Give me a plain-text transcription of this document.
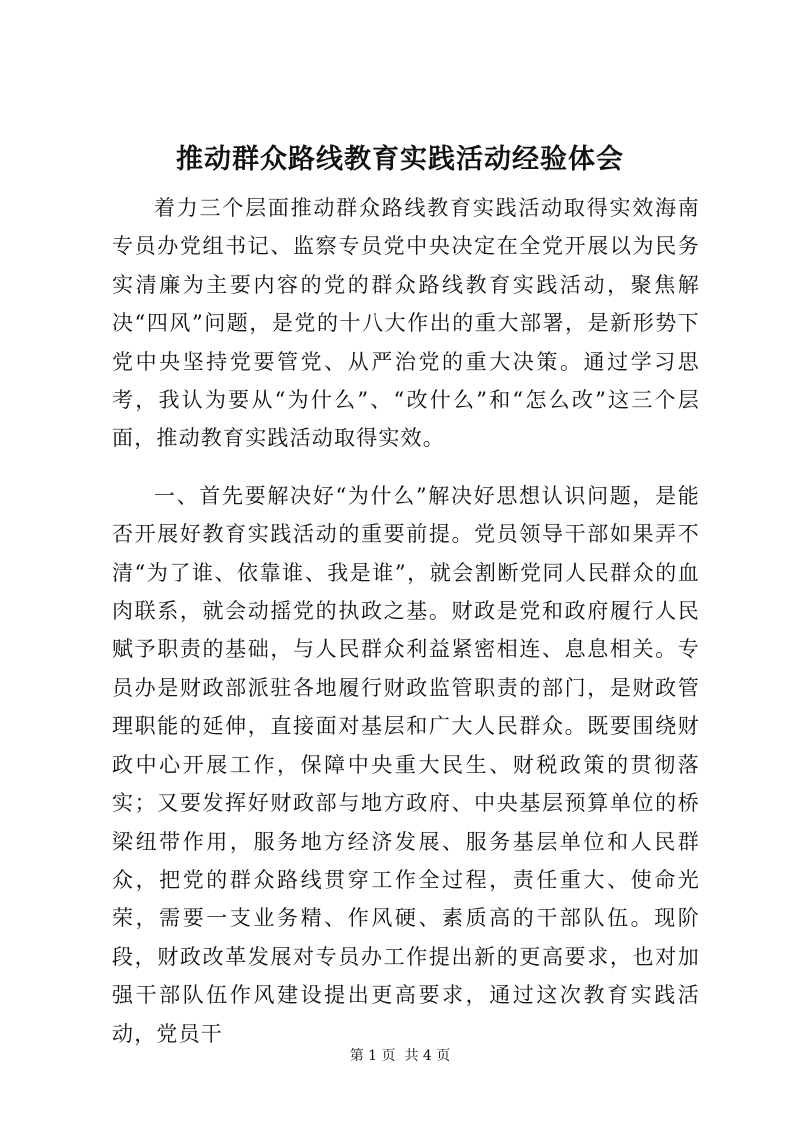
推动群众路线教育实践活动经验体会

着力三个层面推动群众路线教育实践活动取得实效海南专员办党组书记、监察专员党中央决定在全党开展以为民务实清廉为主要内容的党的群众路线教育实践活动，聚焦解决“四风”问题，是党的十八大作出的重大部署，是新形势下党中央坚持党要管党、从严治党的重大决策。通过学习思考，我认为要从“为什么”、“改什么”和“怎么改”这三个层面，推动教育实践活动取得实效。

一、首先要解决好“为什么”解决好思想认识问题，是能否开展好教育实践活动的重要前提。党员领导干部如果弄不清“为了谁、依靠谁、我是谁”，就会割断党同人民群众的血肉联系，就会动摇党的执政之基。财政是党和政府履行人民赋予职责的基础，与人民群众利益紧密相连、息息相关。专员办是财政部派驻各地履行财政监管职责的部门，是财政管理职能的延伸，直接面对基层和广大人民群众。既要围绕财政中心开展工作，保障中央重大民生、财税政策的贯彻落实；又要发挥好财政部与地方政府、中央基层预算单位的桥梁纽带作用，服务地方经济发展、服务基层单位和人民群众，把党的群众路线贯穿工作全过程，责任重大、使命光荣，需要一支业务精、作风硬、素质高的干部队伍。现阶段，财政改革发展对专员办工作提出新的更高要求，也对加强干部队伍作风建设提出更高要求，通过这次教育实践活动，党员干

第 1 页  共 4 页
